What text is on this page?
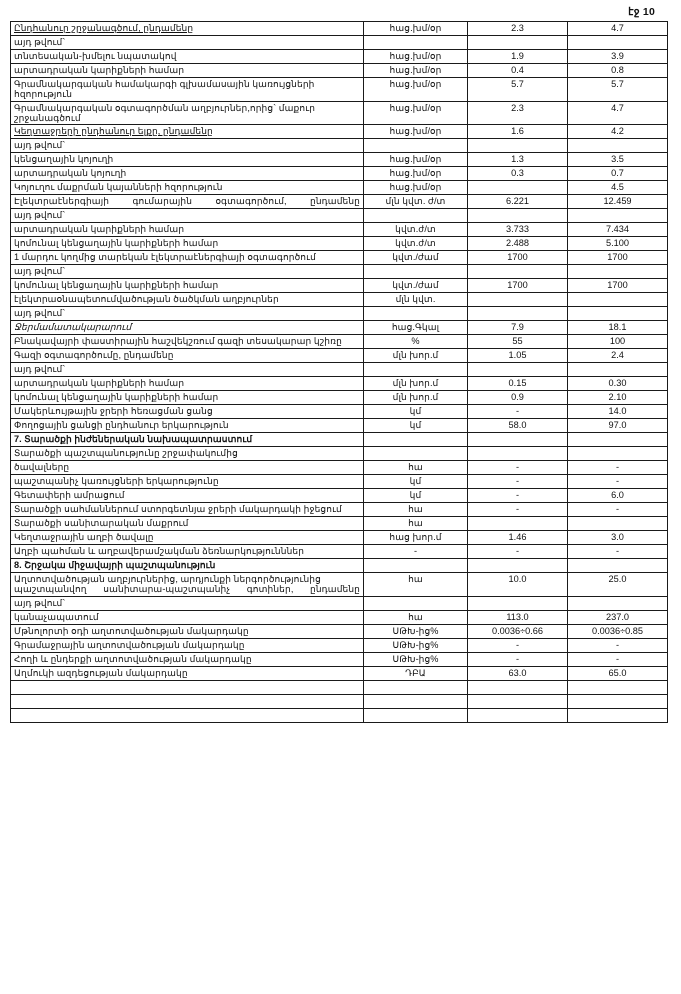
էջ 10
Ընդհանուր շրջանագծում, ընդամենը	հաց.խմ/օր	2.3	4.7
այդ թվում`			
տնտեսական-խմելու նպատակով	հաց.խմ/օր	1.9	3.9
արտադրական կարիքների համար	հաց.խմ/օր	0.4	0.8
Գրամնակարգական համակարգի գլխամասային կառույցների հզորություն	հաց.խմ/օր	5.7	5.7
Գրամնակարգական օգտագործման աղբյուրներ,որից` մաքուր շրջանագծում	հաց.խմ/օր	2.3	4.7
Կեղտաջրերի ընդհանուր ելքը, ընդամենը	հաց.խմ/օր	1.6	4.2
այդ թվում`			
կենցաղային կոյուղի	հաց.խմ/օր	1.3	3.5
արտադրական կոյուղի	հաց.խմ/օր	0.3	0.7
Կոյուղու մաքրման կայանների հզորություն	հաց.խմ/օր		4.5
Էլեկտրաէներգիայի գումարային օգտագործում, ընդամենը	մլն կվտ. ժ/տ	6.221	12.459
այդ թվում`			
արտադրական կարիքների համար	կվտ.ժ/տ	3.733	7.434
կոմունալ կենցաղային կարիքների համար	կվտ.ժ/տ	2.488	5.100
1 մարդու կողմից տարեկան էլեկտրաէներգիայի օգտագործում	կվտ./ժամ	1700	1700
այդ թվում`			
կոմունալ կենցաղային կարիքների համար	կվտ./ժամ	1700	1700
էլեկտրաօնապետումվածության ծածկման աղբյուրներ	մլն կվտ.		
այդ թվում`			
Ջերմամատակարարում	հաց.Գկալ	7.9	18.1
Բնակավայրի փաստիրային հաշվեկշռում գազի տեսակարար կշիռը	%	55	100
Գազի օգտագործումը, ընդամենը	մլն խոր.մ	1.05	2.4
այդ թվում`			
արտադրական կարիքների համար	մլն խոր.մ	0.15	0.30
կոմունալ կենցաղային կարիքների համար	մլն խոր.մ	0.9	2.10
Մակերևույթային ջրերի հեռացման ցանց	կմ	-	14.0
Փողոցային ցանցի ընդհանուր երկարություն	կմ	58.0	97.0
7. Տարածքի ինժեներական նախապատրաստում			
Տարածքի պաշտպանությունը շրջափակումից			
ծավալները	հա	-	-
պաշտպանիչ կառույցների երկարությունը	կմ	-	-
Գետափերի ամրացում	կմ	-	6.0
Տարածքի սահմաններում ստորգետնյա ջրերի մակարդակի իջեցում	հա	-	-
Տարածքի սանիտարական մաքրում	հա		
Կեղտաջրային աղբի ծավալը	հաց խոր.մ	1.46	3.0
Աղբի պահման և աղբավերամշակման ձեռնարկությունններ	-	-	-
8. Շրջակա միջավայրի պաշտպանություն			
Աղտոտվածության աղբյուրներից, արդյունքի ներգործությունից պաշտպանվող սանիտարա-պաշտպանիչ գոտիներ, ընդամենը	հա	10.0	25.0
այդ թվում`			
կանաչապատում	հա	113.0	237.0
Մթնոլորտի օդի աղտոտվածության մակարդակը	ՍԹԽ-ից%	0.0036÷0.66	0.0036÷0.85
Գրամաջրային աղտոտվածության մակարդակը	ՍԹԽ-ից%	-	-
Հողի և ընդերքի աղտոտվածության մակարդակը	ՍԹԽ-ից%	-	-
Աղմուկի ազդեցության մակարդակը	ԴԲԱ	63.0	65.0
